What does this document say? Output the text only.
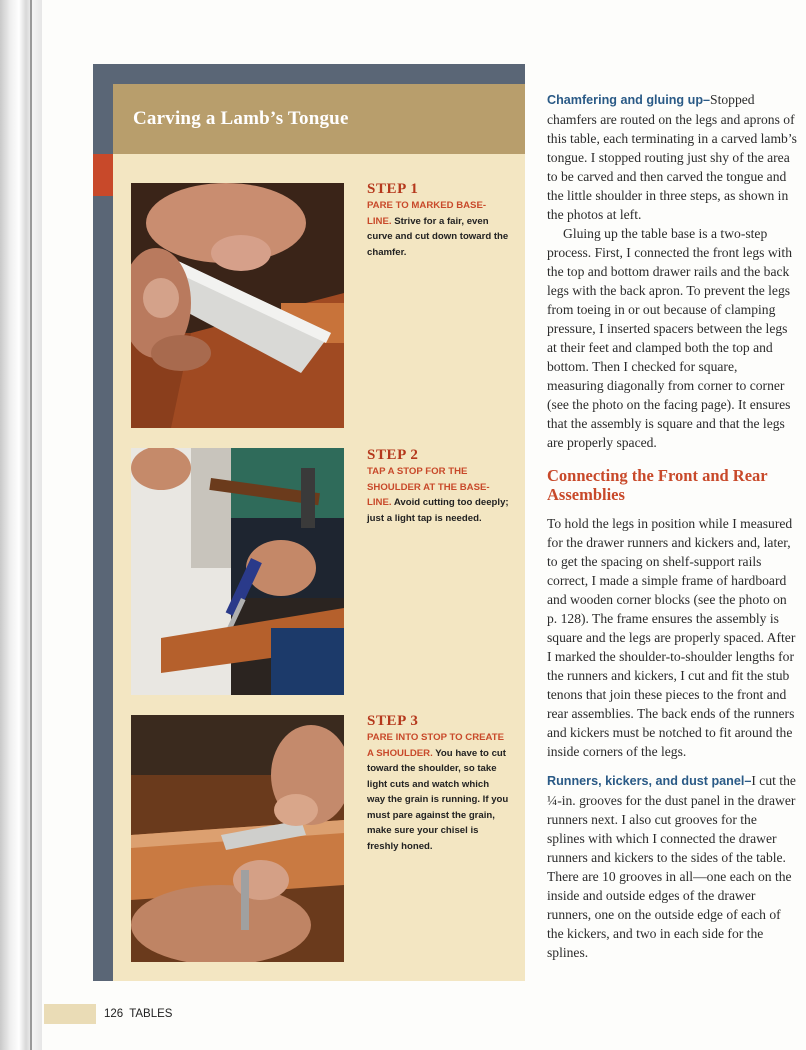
Carving a Lamb’s Tongue
STEP 1
PARE TO MARKED BASE-LINE. Strive for a fair, even curve and cut down toward the chamfer.
STEP 2
TAP A STOP FOR THE SHOULDER AT THE BASE-LINE. Avoid cutting too deeply; just a light tap is needed.
STEP 3
PARE INTO STOP TO CREATE A SHOULDER. You have to cut toward the shoulder, so take light cuts and watch which way the grain is running. If you must pare against the grain, make sure your chisel is freshly honed.

Chamfering and gluing up–Stopped chamfers are routed on the legs and aprons of this table, each terminating in a carved lamb’s tongue. I stopped routing just shy of the area to be carved and then carved the tongue and the little shoulder in three steps, as shown in the photos at left.

Gluing up the table base is a two-step process. First, I connected the front legs with the top and bottom drawer rails and the back legs with the back apron. To prevent the legs from toeing in or out because of clamping pressure, I inserted spacers between the legs at their feet and clamped both the top and bottom. Then I checked for square, measuring diagonally from corner to corner (see the photo on the facing page). It ensures that the assembly is square and that the legs are properly spaced.

Connecting the Front and Rear Assemblies

To hold the legs in position while I measured for the drawer runners and kickers and, later, to get the spacing on shelf-support rails correct, I made a simple frame of hardboard and wooden corner blocks (see the photo on p. 128). The frame ensures the assembly is square and the legs are properly spaced. After I marked the shoulder-to-shoulder lengths for the runners and kickers, I cut and fit the stub tenons that join these pieces to the front and rear assemblies. The back ends of the runners and kickers must be notched to fit around the inside corners of the legs.

Runners, kickers, and dust panel–I cut the ¼-in. grooves for the dust panel in the drawer runners next. I also cut grooves for the splines with which I connected the drawer runners and kickers to the sides of the table. There are 10 grooves in all—one each on the inside and outside edges of the drawer runners, one on the outside edge of each of the kickers, and two in each side for the splines.

126 TABLES
